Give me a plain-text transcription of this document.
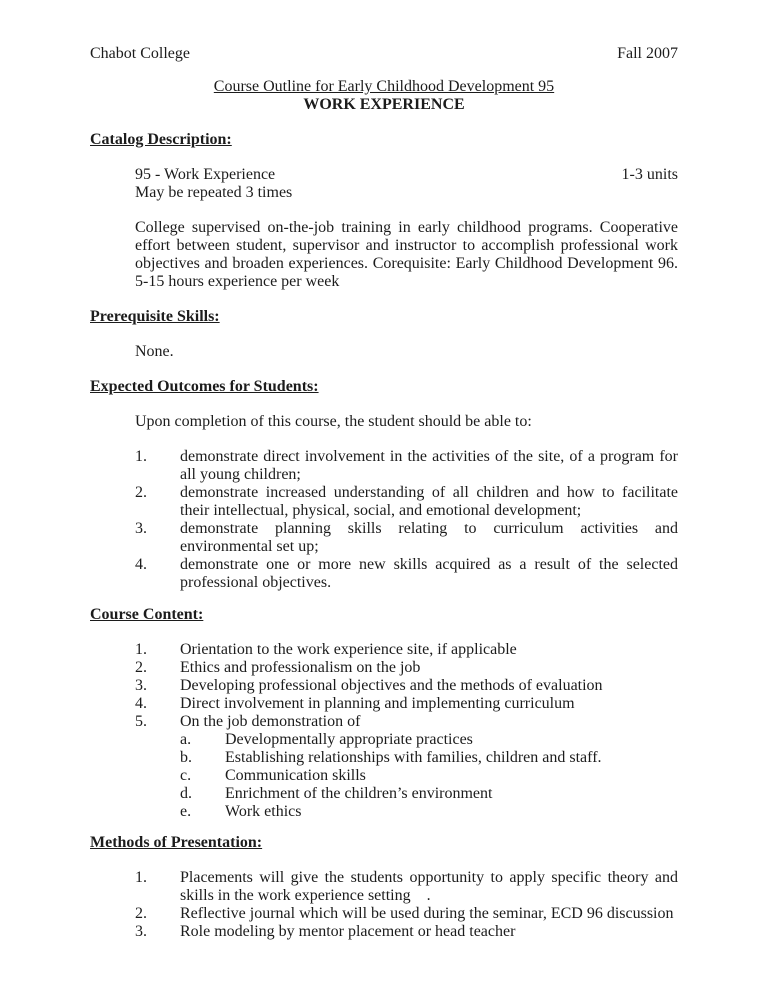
Chabot College	Fall 2007
Course Outline for Early Childhood Development 95
WORK EXPERIENCE
Catalog Description:
95 - Work Experience	1-3 units
May be repeated 3 times

College supervised on-the-job training in early childhood programs. Cooperative effort between student, supervisor and instructor to accomplish professional work objectives and broaden experiences. Corequisite: Early Childhood Development 96. 5-15 hours experience per week

Prerequisite Skills:
None.
Expected Outcomes for Students:
Upon completion of this course, the student should be able to:
1.	demonstrate direct involvement in the activities of the site, of a program for all young children;
2.	demonstrate increased understanding of all children and how to facilitate their intellectual, physical, social, and emotional development;
3.	demonstrate planning skills relating to curriculum activities and environmental set up;
4.	demonstrate one or more new skills acquired as a result of the selected professional objectives.
Course Content:
1.	Orientation to the work experience site, if applicable
2.	Ethics and professionalism on the job
3.	Developing professional objectives and the methods of evaluation
4.	Direct involvement in planning and implementing curriculum
5.	On the job demonstration of
a.	Developmentally appropriate practices
b.	Establishing relationships with families, children and staff.
c.	Communication skills
d.	Enrichment of the children’s environment
e.	Work ethics
Methods of Presentation:
1.	Placements will give the students opportunity to apply specific theory and skills in the work experience setting    .
2.	Reflective journal which will be used during the seminar, ECD 96 discussion
3.	Role modeling by mentor placement or head teacher
